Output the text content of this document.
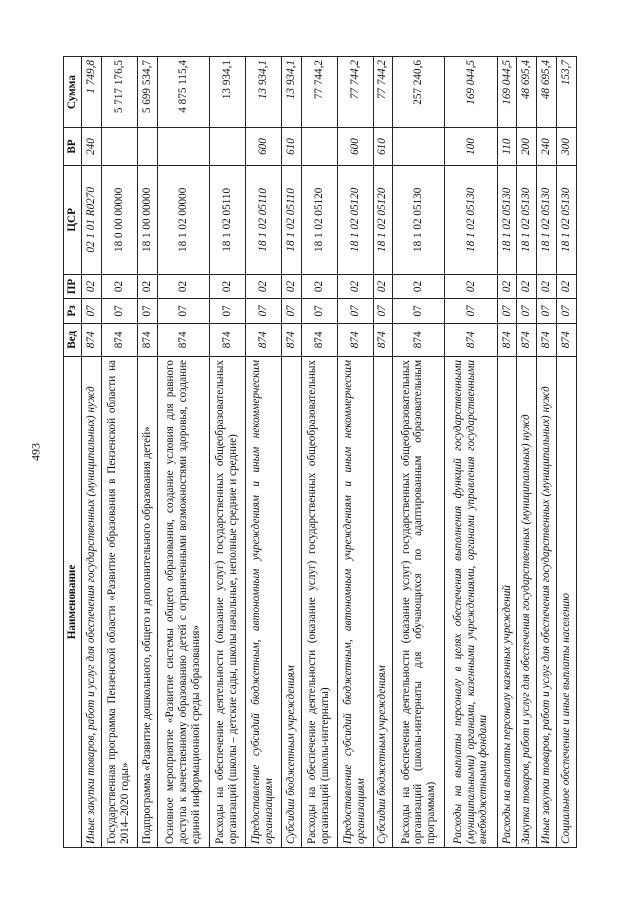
493
Наименование	Вед	Рз	ПР	ЦСР	ВР	Сумма
Иные закупки товаров, работ и услуг для обеспечения государственных (муниципальных) нужд	874	07	02	02 1 01 R0270	240	1 749,8
Государственная программа Пензенской области «Развитие образования в Пензенской области на 2014–2020 годы»	874	07	02	18 0 00 00000		5 717 176,5
Подпрограмма «Развитие дошкольного, общего и дополнительного образования детей»	874	07	02	18 1 00 00000		5 699 534,7
Основное мероприятие «Развитие системы общего образования, создание условия для равного доступа к качественному образованию детей с ограниченными возможностями здоровья, создание единой информационной среды образования»	874	07	02	18 1 02 00000		4 875 115,4
Расходы на обеспечение деятельности (оказание услуг) государственных общеобразовательных организаций (школы – детские сады, школы начальные, неполные средние и средние)	874	07	02	18 1 02 05110		13 934,1
Предоставление субсидий бюджетным, автономным учреждениям и иным некоммерческим организациям	874	07	02	18 1 02 05110	600	13 934,1
Субсидии бюджетным учреждениям	874	07	02	18 1 02 05110	610	13 934,1
Расходы на обеспечение деятельности (оказание услуг) государственных общеобразовательных организаций (школы-интернаты)	874	07	02	18 1 02 05120		77 744,2
Предоставление субсидий бюджетным, автономным учреждениям и иным некоммерческим организациям	874	07	02	18 1 02 05120	600	77 744,2
Субсидии бюджетным учреждениям	874	07	02	18 1 02 05120	610	77 744,2
Расходы на обеспечение деятельности (оказание услуг) государственных общеобразовательных организаций (школы-интернаты для обучающихся по адаптированным образовательным программам)	874	07	02	18 1 02 05130		257 240,6
Расходы на выплаты персоналу в целях обеспечения выполнения функций государственными (муниципальными) органами, казенными учреждениями, органами управления государственными внебюджетными фондами	874	07	02	18 1 02 05130	100	169 044,5
Расходы на выплаты персоналу казенных учреждений	874	07	02	18 1 02 05130	110	169 044,5
Закупка товаров, работ и услуг для обеспечения государственных (муниципальных) нужд	874	07	02	18 1 02 05130	200	48 695,4
Иные закупки товаров, работ и услуг для обеспечения государственных (муниципальных) нужд	874	07	02	18 1 02 05130	240	48 695,4
Социальное обеспечение и иные выплаты населению	874	07	02	18 1 02 05130	300	153,7
